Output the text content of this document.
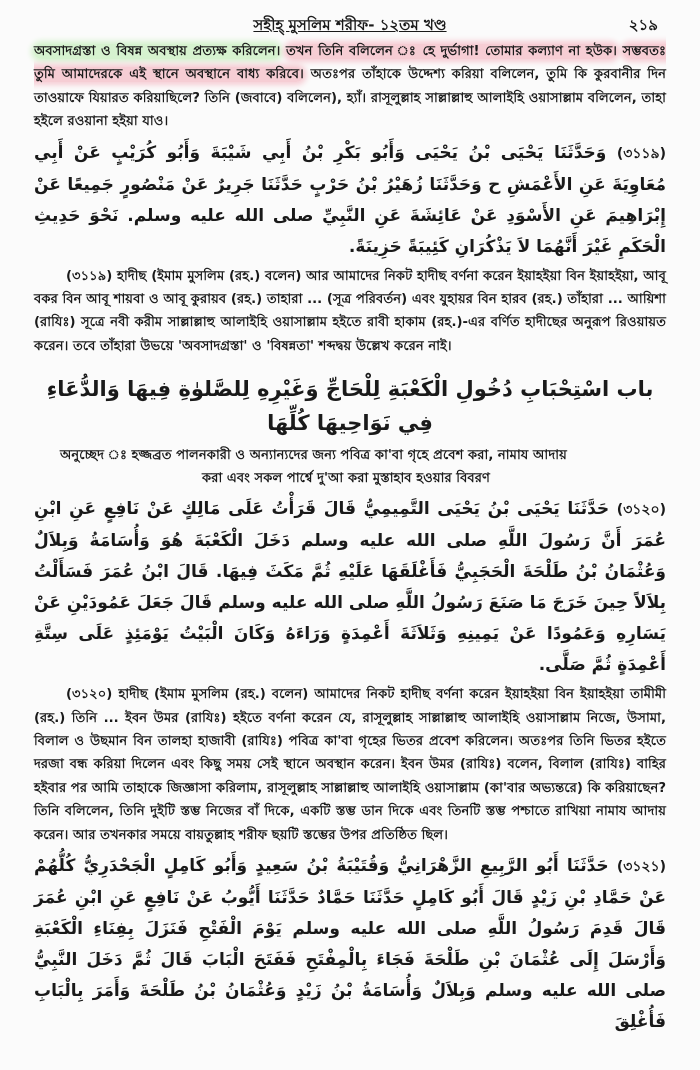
সহীহ্ মুসলিম শরীফ- ১২তম খণ্ড	২১৯
অবসাদগ্রস্তা ও বিষন্ন অবস্থায় প্রত্যক্ষ করিলেন। তখন তিনি বলিলেন ঃ হে দুর্ভাগা! তোমার কল্যাণ না হউক। সম্ভবতঃ তুমি আমাদেরকে এই স্থানে অবস্থানে বাধ্য করিবে। অতঃপর তাঁহাকে উদ্দেশ্য করিয়া বলিলেন, তুমি কি কুরবানীর দিন তাওয়াফে যিয়ারত করিয়াছিলে? তিনি (জবাবে) বলিলেন), হ্যাঁ। রাসূলুল্লাহ সাল্লাল্লাহু আলাইহি ওয়াসাল্লাম বলিলেন, তাহা হইলে রওয়ানা হইয়া যাও।
(৩১১৯) وَحَدَّثَنَا يَحْيَى بْنُ يَحْيَى وَأَبُو بَكْرِ بْنُ أَبِي شَيْبَةَ وَأَبُو كُرَيْبٍ عَنْ أَبِي مُعَاوِيَةَ عَنِ الأَعْمَشِ ح وَحَدَّثَنَا زُهَيْرُ بْنُ حَرْبٍ حَدَّثَنَا جَرِيرٌ عَنْ مَنْصُورٍ جَمِيعًا عَنْ إِبْرَاهِيمَ عَنِ الأَسْوَدِ عَنْ عَائِشَةَ عَنِ النَّبِيِّ صلى الله عليه وسلم. نَحْوَ حَدِيثِ الْحَكَمِ غَيْرَ أَنَّهُمَا لاَ يَذْكُرَانِ كَئِيبَةً حَزِينَةً.
(৩১১৯) হাদীছ (ইমাম মুসলিম (রহ.) বলেন) আর আমাদের নিকট হাদীছ বর্ণনা করেন ইয়াহইয়া বিন ইয়াহইয়া, আবূ বকর বিন আবূ শায়বা ও আবূ কুরায়ব (রহ.) তাহারা ... (সূত্র পরিবর্তন) এবং যুহায়র বিন হারব (রহ.) তাঁহারা ... আয়িশা (রাযিঃ) সূত্রে নবী করীম সাল্লাল্লাহু আলাইহি ওয়াসাল্লাম হইতে রাবী হাকাম (রহ.)-এর বর্ণিত হাদীছের অনুরূপ রিওয়ায়ত করেন। তবে তাঁহারা উভয়ে 'অবসাদগ্রস্তা' ও 'বিষন্নতা' শব্দদ্বয় উল্লেখ করেন নাই।
باب اسْتِحْبَابِ دُخُولِ الْكَعْبَةِ لِلْحَاجِّ وَغَيْرِهِ لِلصَّلوٰةِ فِيهَا وَالدُّعَاءِ فِي نَوَاحِيهَا كُلِّهَا
অনুচ্ছেদ ঃ হজ্জব্রত পালনকারী ও অন্যান্যদের জন্য পবিত্র কা'বা গৃহে প্রবেশ করা, নামায আদায়
করা এবং সকল পার্শ্বে দু'আ করা মুস্তাহাব হওয়ার বিবরণ
(৩১২০) حَدَّثَنَا يَحْيَى بْنُ يَحْيَى التَّمِيمِيُّ قَالَ قَرَأْتُ عَلَى مَالِكٍ عَنْ نَافِعٍ عَنِ ابْنِ عُمَرَ أَنَّ رَسُولَ اللَّهِ صلى الله عليه وسلم دَخَلَ الْكَعْبَةَ هُوَ وَأُسَامَةُ وَبِلاَلٌ وَعُثْمَانُ بْنُ طَلْحَةَ الْحَجَبِيُّ فَأَغْلَقَهَا عَلَيْهِ ثُمَّ مَكَثَ فِيهَا. قَالَ ابْنُ عُمَرَ فَسَأَلْتُ بِلاَلاً حِينَ خَرَجَ مَا صَنَعَ رَسُولُ اللَّهِ صلى الله عليه وسلم قَالَ جَعَلَ عَمُودَيْنِ عَنْ يَسَارِهِ وَعَمُودًا عَنْ يَمِينِهِ وَثَلاَثَةَ أَعْمِدَةٍ وَرَاءَهُ وَكَانَ الْبَيْتُ يَوْمَئِذٍ عَلَى سِتَّةِ أَعْمِدَةٍ ثُمَّ صَلَّى.
(৩১২০) হাদীছ (ইমাম মুসলিম (রহ.) বলেন) আমাদের নিকট হাদীছ বর্ণনা করেন ইয়াহইয়া বিন ইয়াহইয়া তামীমী (রহ.) তিনি ... ইবন উমর (রাযিঃ) হইতে বর্ণনা করেন যে, রাসূলুল্লাহ সাল্লাল্লাহু আলাইহি ওয়াসাল্লাম নিজে, উসামা, বিলাল ও উছমান বিন তালহা হাজাবী (রাযিঃ) পবিত্র কা'বা গৃহের ভিতর প্রবেশ করিলেন। অতঃপর তিনি ভিতর হইতে দরজা বন্ধ করিয়া দিলেন এবং কিছু সময় সেই স্থানে অবস্থান করেন। ইবন উমর (রাযিঃ) বলেন, বিলাল (রাযিঃ) বাহির হইবার পর আমি তাহাকে জিজ্ঞাসা করিলাম, রাসূলুল্লাহ সাল্লাল্লাহু আলাইহি ওয়াসাল্লাম (কা'বার অভ্যন্তরে) কি করিয়াছেন? তিনি বলিলেন, তিনি দুইটি স্তম্ভ নিজের বাঁ দিকে, একটি স্তম্ভ ডান দিকে এবং তিনটি স্তম্ভ পশ্চাতে রাখিয়া নামায আদায় করেন। আর তখনকার সময়ে বায়তুল্লাহ শরীফ ছয়টি স্তম্ভের উপর প্রতিষ্ঠিত ছিল।
(৩১২১) حَدَّثَنَا أَبُو الرَّبِيعِ الزَّهْرَانِيُّ وَقُتَيْبَةُ بْنُ سَعِيدٍ وَأَبُو كَامِلٍ الْجَحْدَرِيُّ كُلُّهُمْ عَنْ حَمَّادِ بْنِ زَيْدٍ قَالَ أَبُو كَامِلٍ حَدَّثَنَا حَمَّادٌ حَدَّثَنَا أَيُّوبُ عَنْ نَافِعٍ عَنِ ابْنِ عُمَرَ قَالَ قَدِمَ رَسُولُ اللَّهِ صلى الله عليه وسلم يَوْمَ الْفَتْحِ فَنَزَلَ بِفِنَاءِ الْكَعْبَةِ وَأَرْسَلَ إِلَى عُثْمَانَ بْنِ طَلْحَةَ فَجَاءَ بِالْمِفْتَحِ فَفَتَحَ الْبَابَ قَالَ ثُمَّ دَخَلَ النَّبِيُّ صلى الله عليه وسلم وَبِلاَلٌ وَأُسَامَةُ بْنُ زَيْدٍ وَعُثْمَانُ بْنُ طَلْحَةَ وَأَمَرَ بِالْبَابِ فَأُغْلِقَ
